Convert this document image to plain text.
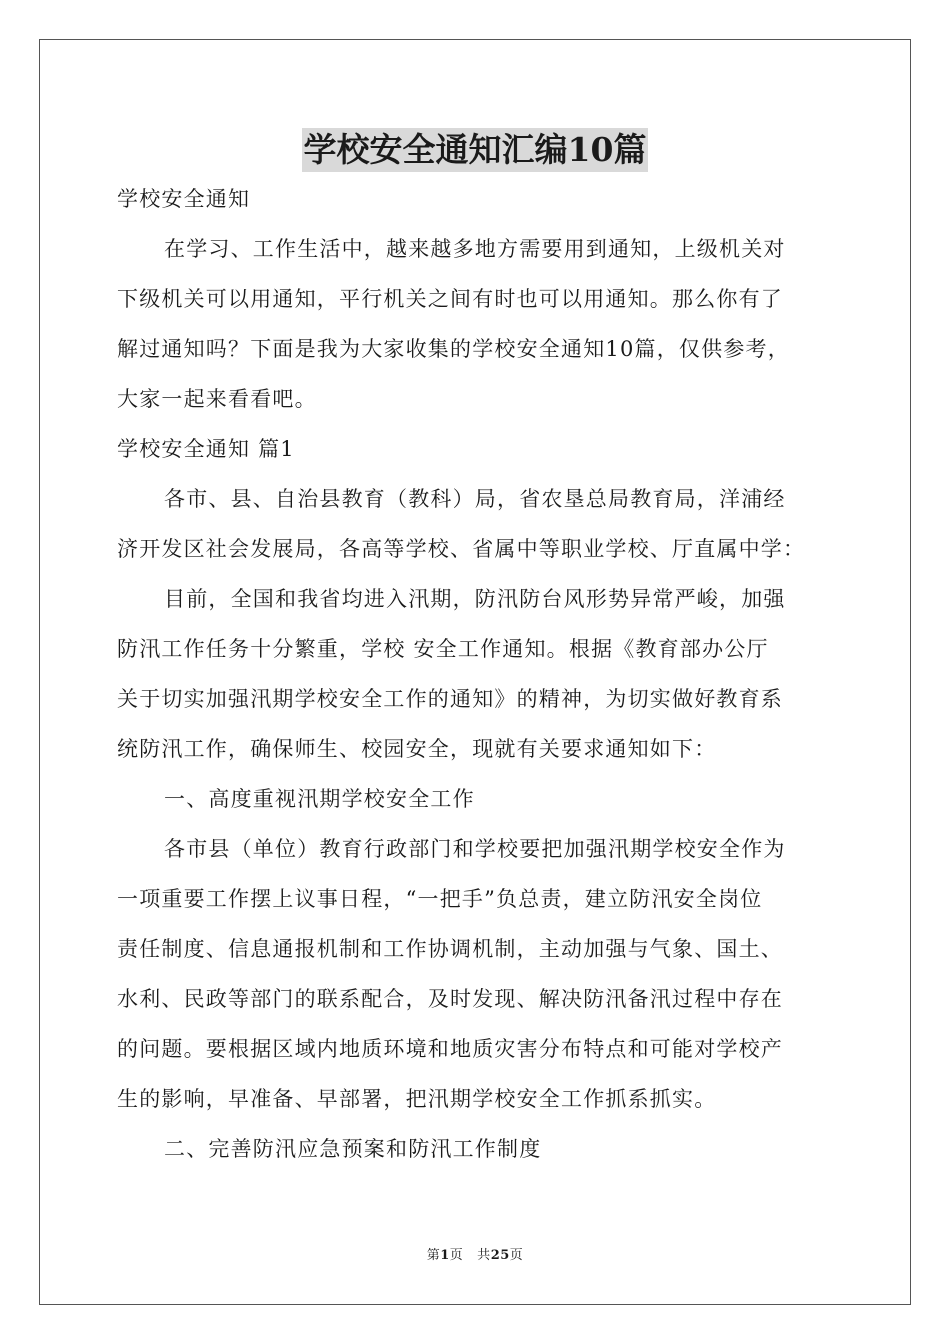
学校安全通知汇编10篇
学校安全通知
在学习、工作生活中，越来越多地方需要用到通知，上级机关对
下级机关可以用通知，平行机关之间有时也可以用通知。那么你有了
解过通知吗？下面是我为大家收集的学校安全通知10篇，仅供参考，
大家一起来看看吧。
学校安全通知 篇1
各市、县、自治县教育（教科）局，省农垦总局教育局，洋浦经
济开发区社会发展局，各高等学校、省属中等职业学校、厅直属中学：
目前，全国和我省均进入汛期，防汛防台风形势异常严峻，加强
防汛工作任务十分繁重，学校 安全工作通知。根据《教育部办公厅
关于切实加强汛期学校安全工作的通知》的精神，为切实做好教育系
统防汛工作，确保师生、校园安全，现就有关要求通知如下：
一、高度重视汛期学校安全工作
各市县（单位）教育行政部门和学校要把加强汛期学校安全作为
一项重要工作摆上议事日程，“一把手”负总责，建立防汛安全岗位
责任制度、信息通报机制和工作协调机制，主动加强与气象、国土、
水利、民政等部门的联系配合，及时发现、解决防汛备汛过程中存在
的问题。要根据区域内地质环境和地质灾害分布特点和可能对学校产
生的影响，早准备、早部署，把汛期学校安全工作抓系抓实。
二、完善防汛应急预案和防汛工作制度
第1页 共25页
